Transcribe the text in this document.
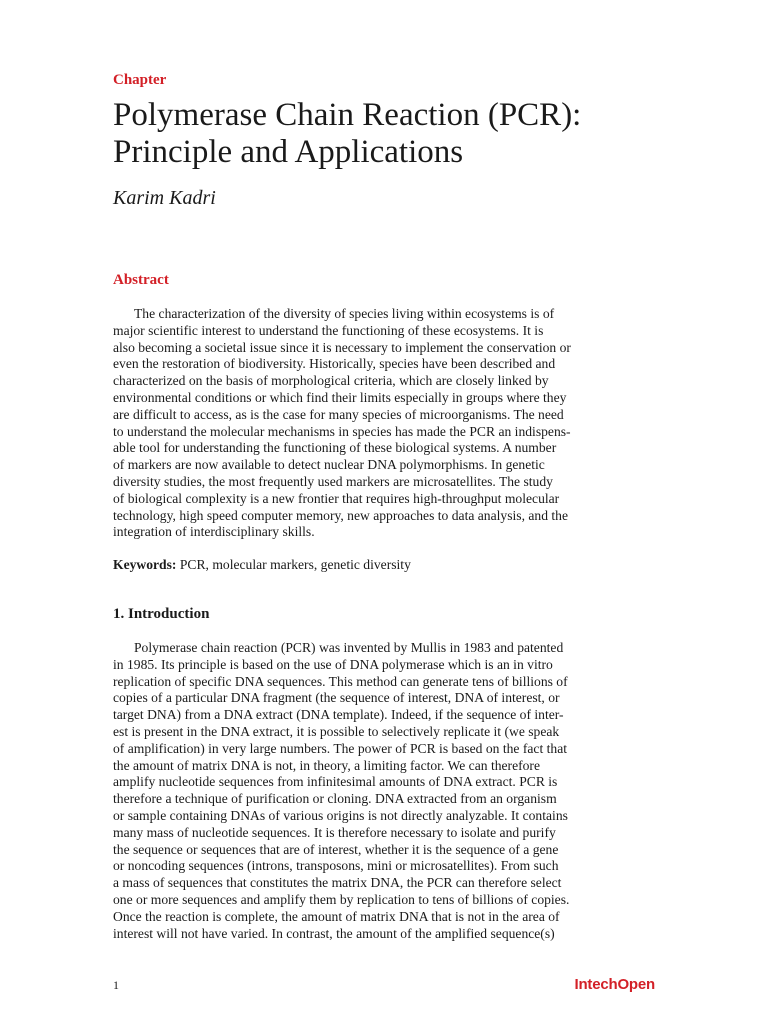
Chapter
Polymerase Chain Reaction (PCR):
Principle and Applications
Karim Kadri
Abstract
The characterization of the diversity of species living within ecosystems is of
major scientific interest to understand the functioning of these ecosystems. It is
also becoming a societal issue since it is necessary to implement the conservation or
even the restoration of biodiversity. Historically, species have been described and
characterized on the basis of morphological criteria, which are closely linked by
environmental conditions or which find their limits especially in groups where they
are difficult to access, as is the case for many species of microorganisms. The need
to understand the molecular mechanisms in species has made the PCR an indispens-
able tool for understanding the functioning of these biological systems. A number
of markers are now available to detect nuclear DNA polymorphisms. In genetic
diversity studies, the most frequently used markers are microsatellites. The study
of biological complexity is a new frontier that requires high-throughput molecular
technology, high speed computer memory, new approaches to data analysis, and the
integration of interdisciplinary skills.
Keywords: PCR, molecular markers, genetic diversity
1. Introduction
Polymerase chain reaction (PCR) was invented by Mullis in 1983 and patented
in 1985. Its principle is based on the use of DNA polymerase which is an in vitro
replication of specific DNA sequences. This method can generate tens of billions of
copies of a particular DNA fragment (the sequence of interest, DNA of interest, or
target DNA) from a DNA extract (DNA template). Indeed, if the sequence of inter-
est is present in the DNA extract, it is possible to selectively replicate it (we speak
of amplification) in very large numbers. The power of PCR is based on the fact that
the amount of matrix DNA is not, in theory, a limiting factor. We can therefore
amplify nucleotide sequences from infinitesimal amounts of DNA extract. PCR is
therefore a technique of purification or cloning. DNA extracted from an organism
or sample containing DNAs of various origins is not directly analyzable. It contains
many mass of nucleotide sequences. It is therefore necessary to isolate and purify
the sequence or sequences that are of interest, whether it is the sequence of a gene
or noncoding sequences (introns, transposons, mini or microsatellites). From such
a mass of sequences that constitutes the matrix DNA, the PCR can therefore select
one or more sequences and amplify them by replication to tens of billions of copies.
Once the reaction is complete, the amount of matrix DNA that is not in the area of
interest will not have varied. In contrast, the amount of the amplified sequence(s)
1	IntechOpen
